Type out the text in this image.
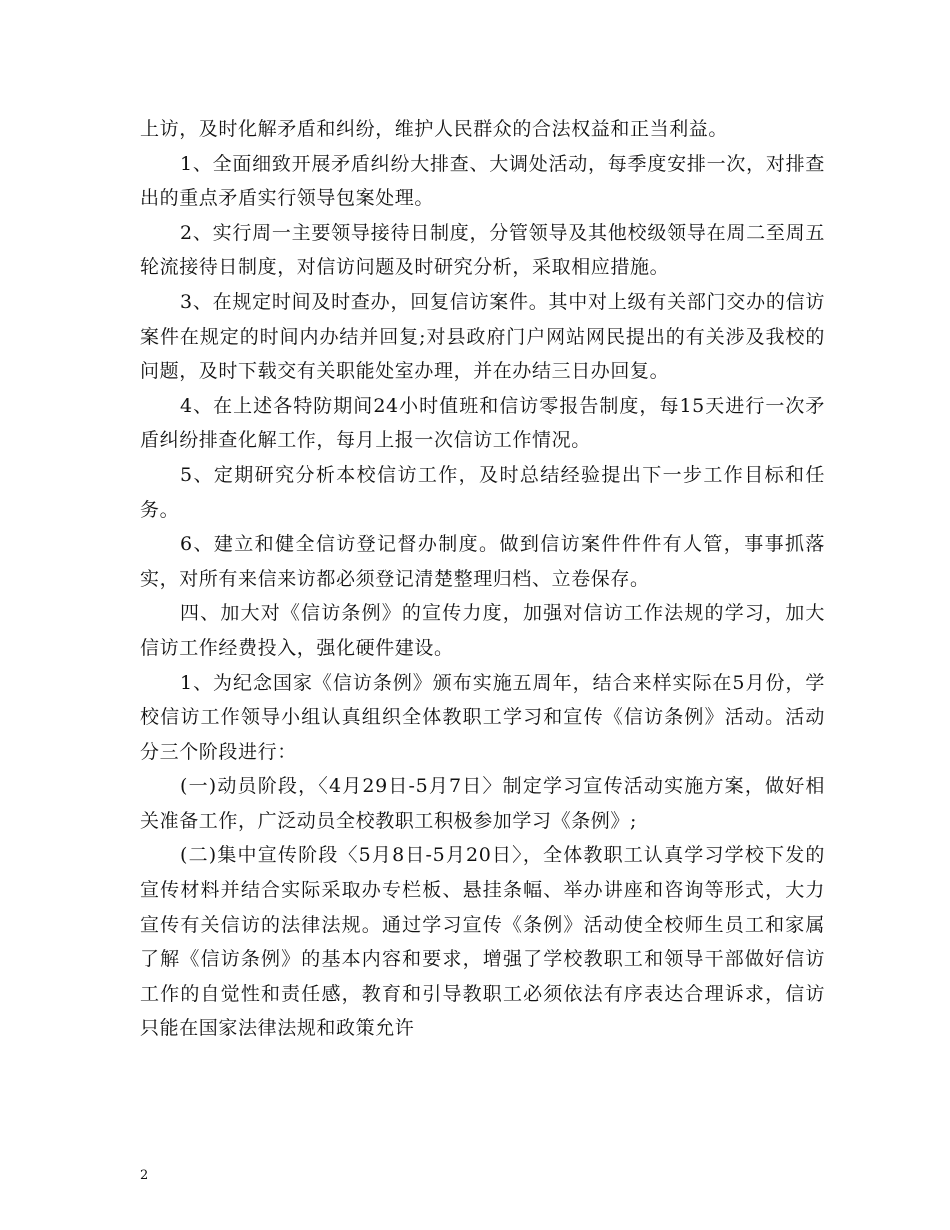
上访，及时化解矛盾和纠纷，维护人民群众的合法权益和正当利益。

1、全面细致开展矛盾纠纷大排查、大调处活动，每季度安排一次，对排查出的重点矛盾实行领导包案处理。

2、实行周一主要领导接待日制度，分管领导及其他校级领导在周二至周五轮流接待日制度，对信访问题及时研究分析，采取相应措施。

3、在规定时间及时查办，回复信访案件。其中对上级有关部门交办的信访案件在规定的时间内办结并回复;对县政府门户网站网民提出的有关涉及我校的问题，及时下载交有关职能处室办理，并在办结三日办回复。

4、在上述各特防期间24小时值班和信访零报告制度，每15天进行一次矛盾纠纷排查化解工作，每月上报一次信访工作情况。

5、定期研究分析本校信访工作，及时总结经验提出下一步工作目标和任务。

6、建立和健全信访登记督办制度。做到信访案件件件有人管，事事抓落实，对所有来信来访都必须登记清楚整理归档、立卷保存。

四、加大对《信访条例》的宣传力度，加强对信访工作法规的学习，加大信访工作经费投入，强化硬件建设。

1、为纪念国家《信访条例》颁布实施五周年，结合来样实际在5月份，学校信访工作领导小组认真组织全体教职工学习和宣传《信访条例》活动。活动分三个阶段进行：

(一)动员阶段，〈4月29日-5月7日〉制定学习宣传活动实施方案，做好相关准备工作，广泛动员全校教职工积极参加学习《条例》;

(二)集中宣传阶段〈5月8日-5月20日〉，全体教职工认真学习学校下发的宣传材料并结合实际采取办专栏板、悬挂条幅、举办讲座和咨询等形式，大力宣传有关信访的法律法规。通过学习宣传《条例》活动使全校师生员工和家属了解《信访条例》的基本内容和要求，增强了学校教职工和领导干部做好信访工作的自觉性和责任感，教育和引导教职工必须依法有序表达合理诉求，信访只能在国家法律法规和政策允许

2
